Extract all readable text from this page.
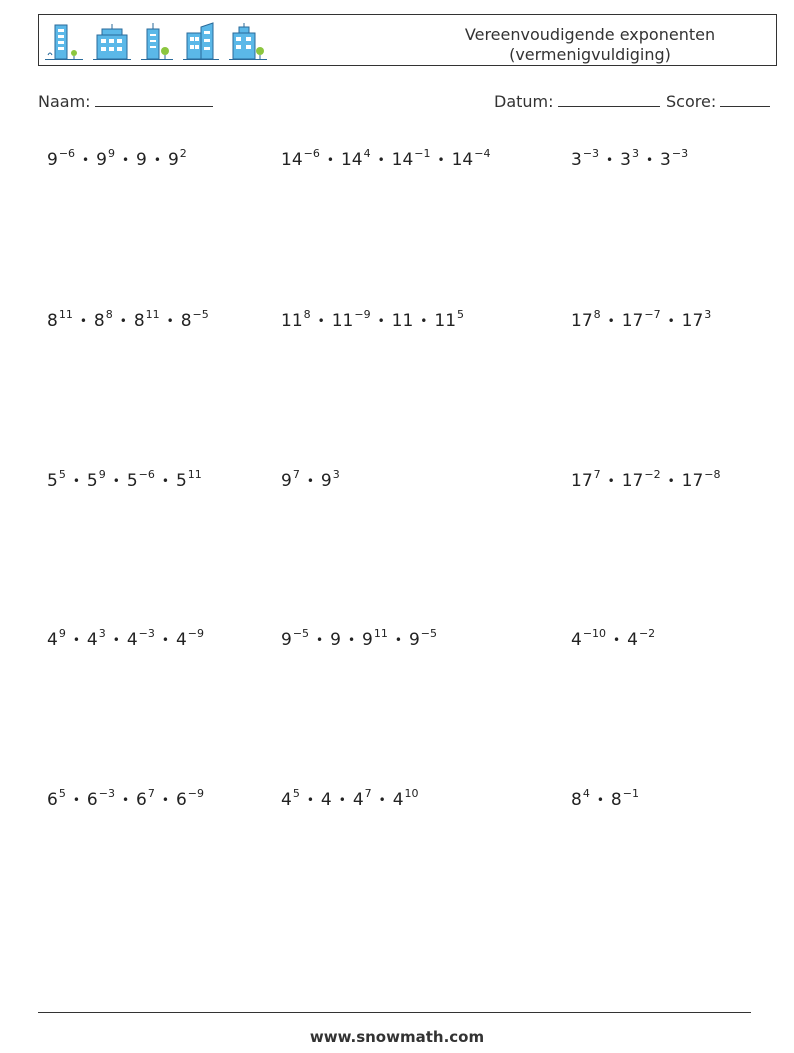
Vereenvoudigende exponenten
(vermenigvuldiging)
Naam:	Datum:	Score:
$9^{-6}$ • $9^9$ • 9 • $9^2$	$14^{-6}$ • $14^4$ • $14^{-1}$ • $14^{-4}$	$3^{-3}$ • $3^3$ • $3^{-3}$
$8^{11}$ • $8^8$ • $8^{11}$ • $8^{-5}$	$11^8$ • $11^{-9}$ • 11 • $11^5$	$17^8$ • $17^{-7}$ • $17^3$
$5^5$ • $5^9$ • $5^{-6}$ • $5^{11}$	$9^7$ • $9^3$	$17^7$ • $17^{-2}$ • $17^{-8}$
$4^9$ • $4^3$ • $4^{-3}$ • $4^{-9}$	$9^{-5}$ • 9 • $9^{11}$ • $9^{-5}$	$4^{-10}$ • $4^{-2}$
$6^5$ • $6^{-3}$ • $6^7$ • $6^{-9}$	$4^5$ • 4 • $4^7$ • $4^{10}$	$8^4$ • $8^{-1}$
www.snowmath.com
